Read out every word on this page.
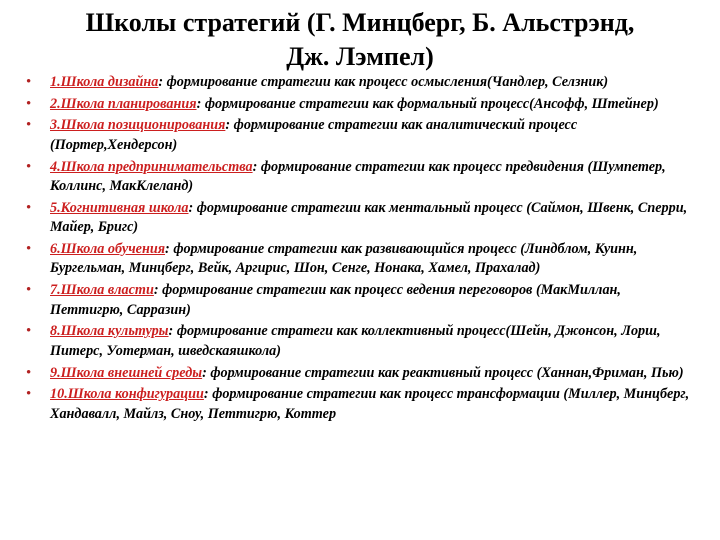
Школы стратегий (Г. Минцберг, Б. Альстрэнд,
Дж. Лэмпел)
• 1.Школа дизайна: формирование стратегии как процесс осмысления(Чандлер, Селзник)
• 2.Школа планирования: формирование стратегии как формальный процесс(Ансофф, Штейнер)
• 3.Школа позиционирования: формирование стратегии как аналитический процесс (Портер,Хендерсон)
• 4.Школа предпринимательства: формирование стратегии как процесс предвидения (Шумпетер, Коллинс, МакКлеланд)
• 5.Когнитивная школа: формирование стратегии как ментальный процесс (Саймон, Швенк, Сперри, Майер, Бригс)
• 6.Школа обучения: формирование стратегии как развивающийся процесс (Линдблом, Куинн, Бургельман, Минцберг, Вейк, Аргирис, Шон, Сенге, Нонака, Хамел, Прахалад)
• 7.Школа власти: формирование стратегии как процесс ведения переговоров (МакМиллан, Петтигрю, Сарразин)
• 8.Школа культуры: формирование стратеги как коллективный процесс(Шейн, Джонсон, Лорш, Питерс, Уотерман, шведскаяшкола)
• 9.Школа внешней среды: формирование стратегии как реактивный процесс (Ханнан,Фриман, Пью)
• 10.Школа конфигурации: формирование стратегии как процесс трансформации (Миллер, Минцберг, Хандавалл, Майлз, Сноу, Петтигрю, Коттер
